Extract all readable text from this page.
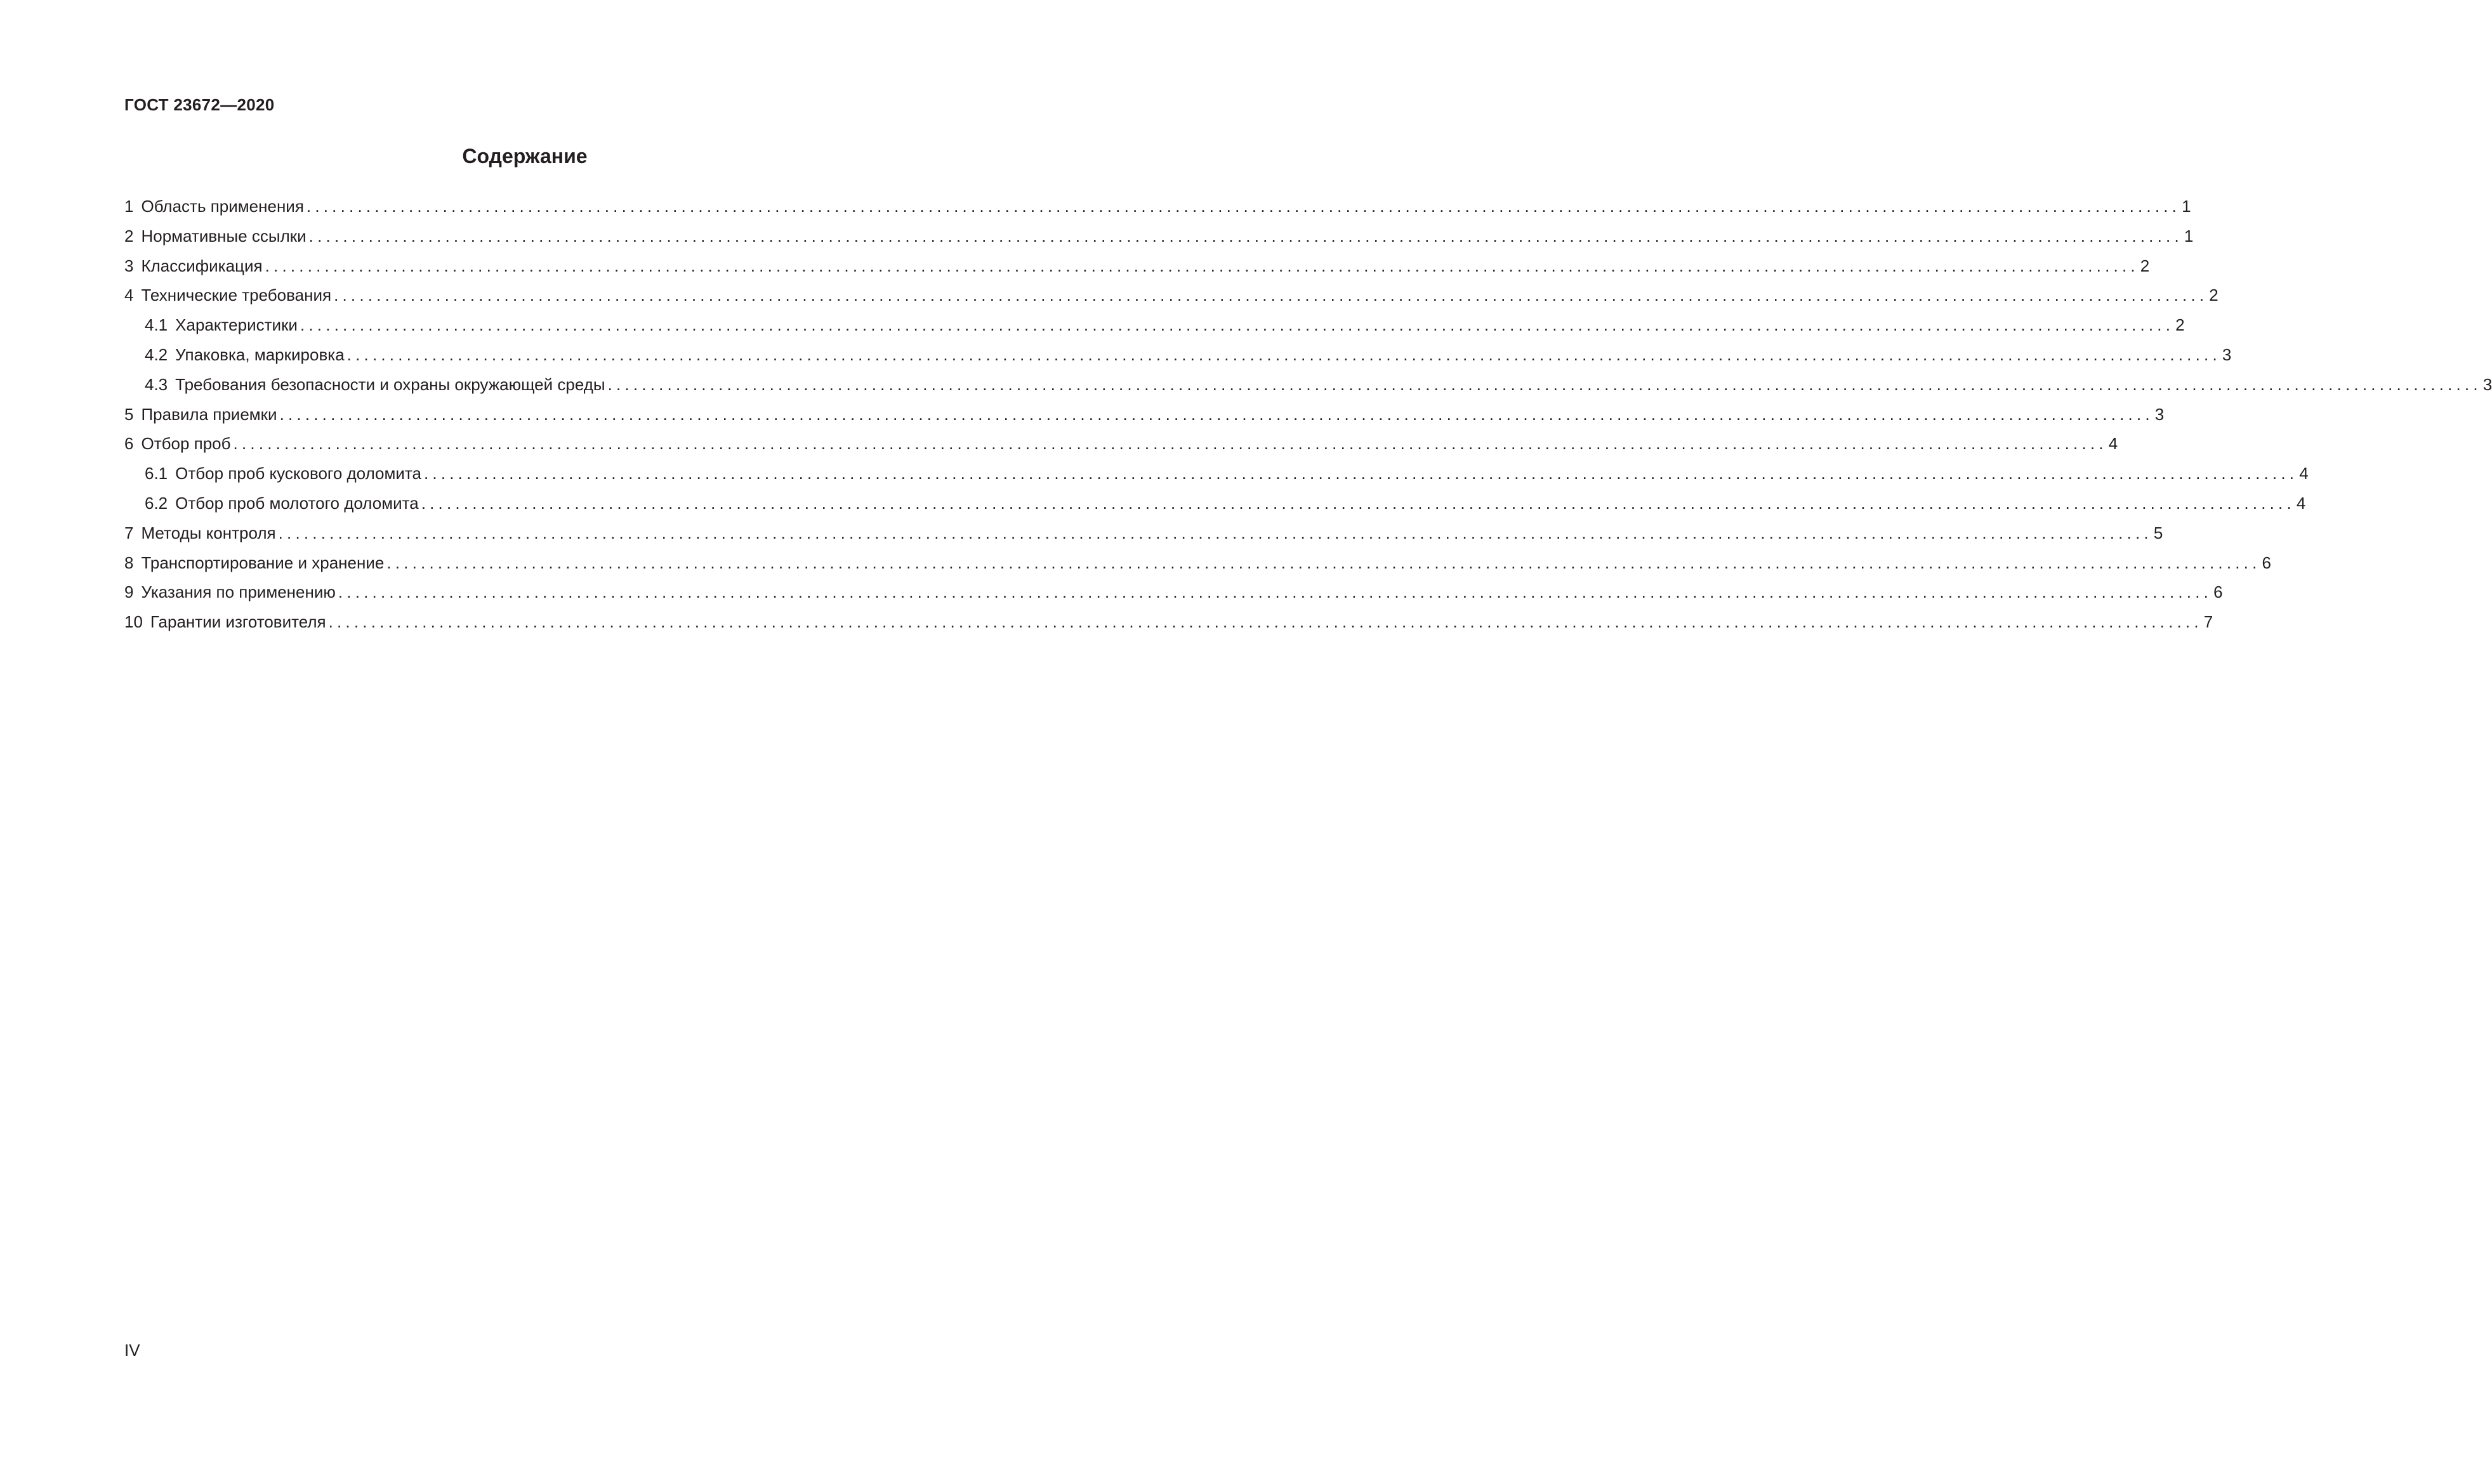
ГОСТ 23672—2020
Содержание
1 Область применения ............................................................................................................................................................................................................................ 1
2 Нормативные ссылки ............................................................................................................................................................................................................................ 1
3 Классификация ............................................................................................................................................................................................................................ 2
4 Технические требования ............................................................................................................................................................................................................................ 2
4.1 Характеристики ............................................................................................................................................................................................................................ 2
4.2 Упаковка, маркировка ............................................................................................................................................................................................................................ 3
4.3 Требования безопасности и охраны окружающей среды ............................................................................................................................................................................................................................ 3
5 Правила приемки ............................................................................................................................................................................................................................ 3
6 Отбор проб ............................................................................................................................................................................................................................ 4
6.1 Отбор проб кускового доломита ............................................................................................................................................................................................................................ 4
6.2 Отбор проб молотого доломита ............................................................................................................................................................................................................................ 4
7 Методы контроля ............................................................................................................................................................................................................................ 5
8 Транспортирование и хранение ............................................................................................................................................................................................................................ 6
9 Указания по применению ............................................................................................................................................................................................................................ 6
10 Гарантии изготовителя ............................................................................................................................................................................................................................ 7
IV
